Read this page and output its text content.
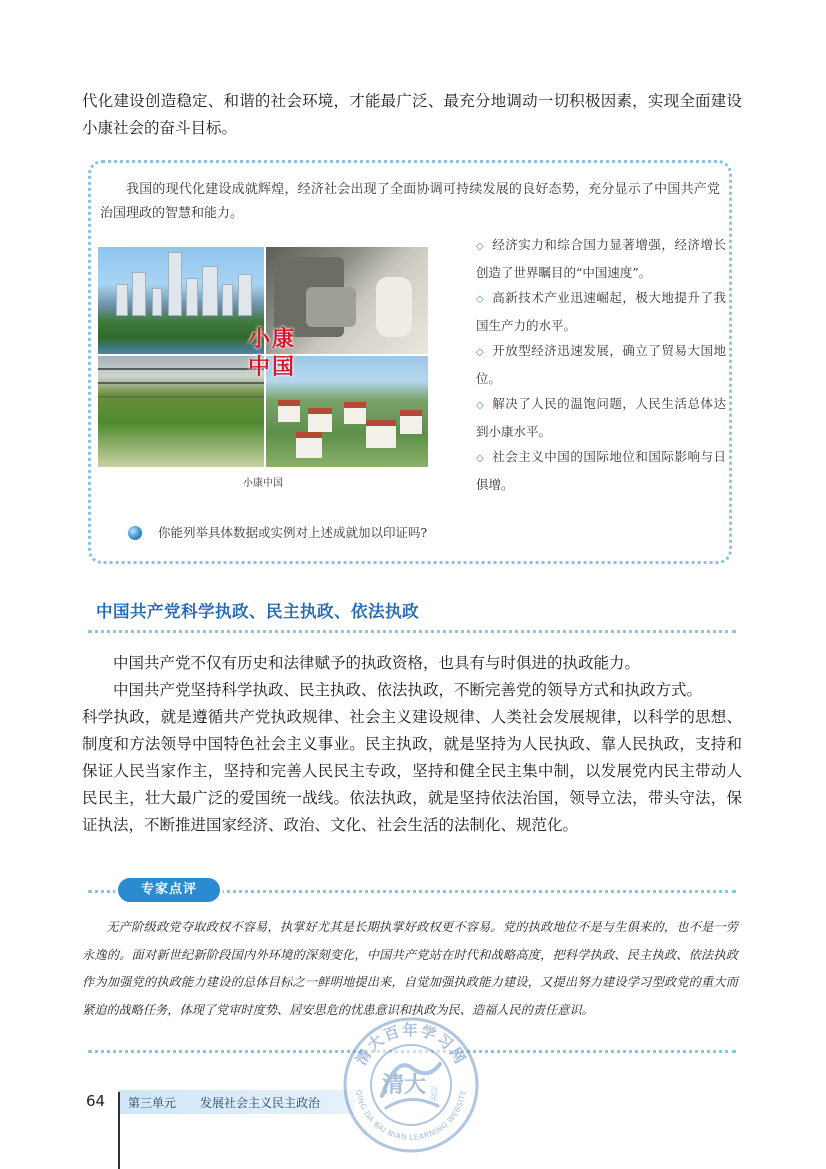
代化建设创造稳定、和谐的社会环境，才能最广泛、最充分地调动一切积极因素，实现全面建设小康社会的奋斗目标。
我国的现代化建设成就辉煌，经济社会出现了全面协调可持续发展的良好态势，充分显示了中国共产党治国理政的智慧和能力。
小康
中国
小康中国
◇ 经济实力和综合国力显著增强，经济增长创造了世界瞩目的“中国速度”。
◇ 高新技术产业迅速崛起，极大地提升了我国生产力的水平。
◇ 开放型经济迅速发展，确立了贸易大国地位。
◇ 解决了人民的温饱问题，人民生活总体达到小康水平。
◇ 社会主义中国的国际地位和国际影响与日俱增。
你能列举具体数据或实例对上述成就加以印证吗?
中国共产党科学执政、民主执政、依法执政

中国共产党不仅有历史和法律赋予的执政资格，也具有与时俱进的执政能力。

中国共产党坚持科学执政、民主执政、依法执政，不断完善党的领导方式和执政方式。

科学执政，就是遵循共产党执政规律、社会主义建设规律、人类社会发展规律，以科学的思想、制度和方法领导中国特色社会主义事业。民主执政，就是坚持为人民执政、靠人民执政，支持和保证人民当家作主，坚持和完善人民民主专政，坚持和健全民主集中制，以发展党内民主带动人民民主，壮大最广泛的爱国统一战线。依法执政，就是坚持依法治国，领导立法，带头守法，保证执法，不断推进国家经济、政治、文化、社会生活的法制化、规范化。

专家点评
无产阶级政党夺取政权不容易，执掌好尤其是长期执掌好政权更不容易。党的执政地位不是与生俱来的，也不是一劳永逸的。面对新世纪新阶段国内外环境的深刻变化，中国共产党站在时代和战略高度，把科学执政、民主执政、依法执政作为加强党的执政能力建设的总体目标之一鲜明地提出来，自觉加强执政能力建设，又提出努力建设学习型政党的重大而紧迫的战略任务，体现了党审时度势、居安思危的忧患意识和执政为民、造福人民的责任意识。
64 第三单元 发展社会主义民主政治
清大百年学习网
QING DA BAI NIAN LEARNING WEBSITE
清大 百年
